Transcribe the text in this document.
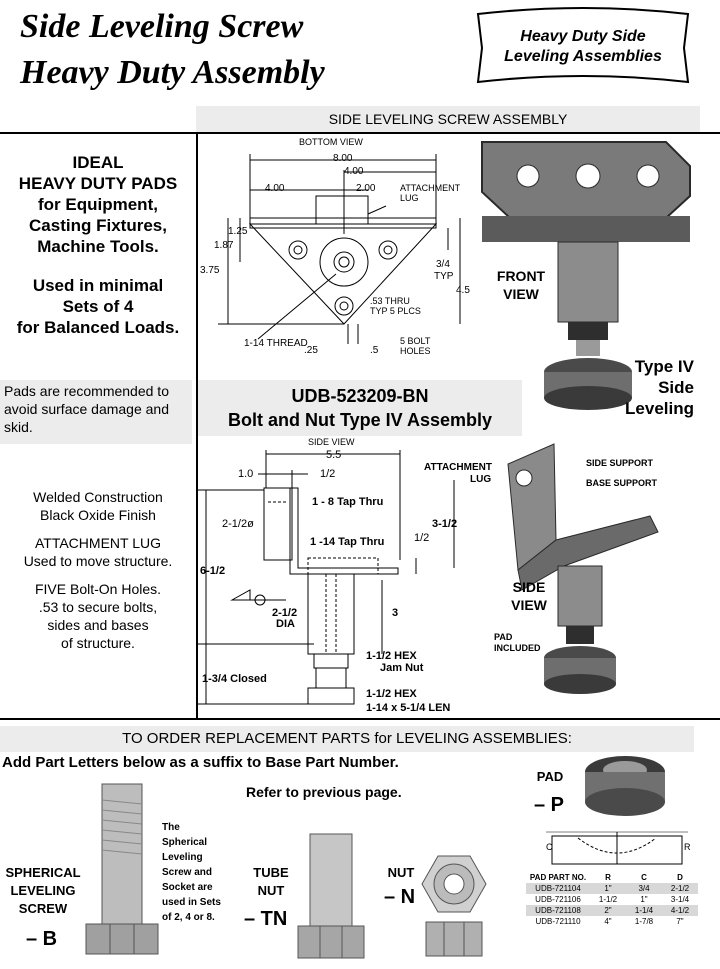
Side Leveling Screw
Heavy Duty Assembly
Heavy Duty Side
Leveling Assemblies
SIDE LEVELING SCREW ASSEMBLY
IDEAL
HEAVY DUTY PADS
for Equipment,
Casting Fixtures,
Machine Tools.
Used in minimal
Sets of 4
for Balanced Loads.
Pads are recommended to avoid surface damage and skid.
BOTTOM VIEW
8.00
4.00
4.00	2.00	ATTACHMENT
LUG
1.25
1.87
3.75
3/4
TYP
4.5
.53 THRU
TYP 5 PLCS
1-14 THREAD
.25	.5
5 BOLT
HOLES
FRONT
VIEW
Type IV
Side
Leveling
UDB-523209-BN
Bolt and Nut Type IV Assembly

Welded Construction
Black Oxide Finish

ATTACHMENT LUG
Used to move structure.

FIVE Bolt-On Holes.
.53 to secure bolts,
sides and bases
of structure.

SIDE VIEW
5.5
1.0	1/2
1 - 8 Tap Thru
2-1/2ø
1 -14 Tap Thru
3-1/2
1/2
6-1/2
2-1/2
DIA
3
1-1/2 HEX
Jam Nut
1-3/4 Closed
1-1/2 HEX
1-14 x 5-1/4 LEN
ATTACHMENT
LUG
SIDE SUPPORT
BASE SUPPORT
SIDE
VIEW
PAD
INCLUDED
TO ORDER REPLACEMENT PARTS for LEVELING ASSEMBLIES:
Add Part Letters below as a suffix to Base Part Number.
Refer to previous page.
SPHERICAL
LEVELING
SCREW
– B
The
Spherical
Leveling
Screw and
Socket are
used in Sets
of 2, 4 or 8.
TUBE
NUT
– TN
NUT
– N
PAD
– P
C	R
PAD PART NO.	R	C	D
UDB-721104	1"	3/4	2-1/2
UDB-721106	1-1/2	1"	3-1/4
UDB-721108	2"	1-1/4	4-1/2
UDB-721110	4"	1-7/8	7"
